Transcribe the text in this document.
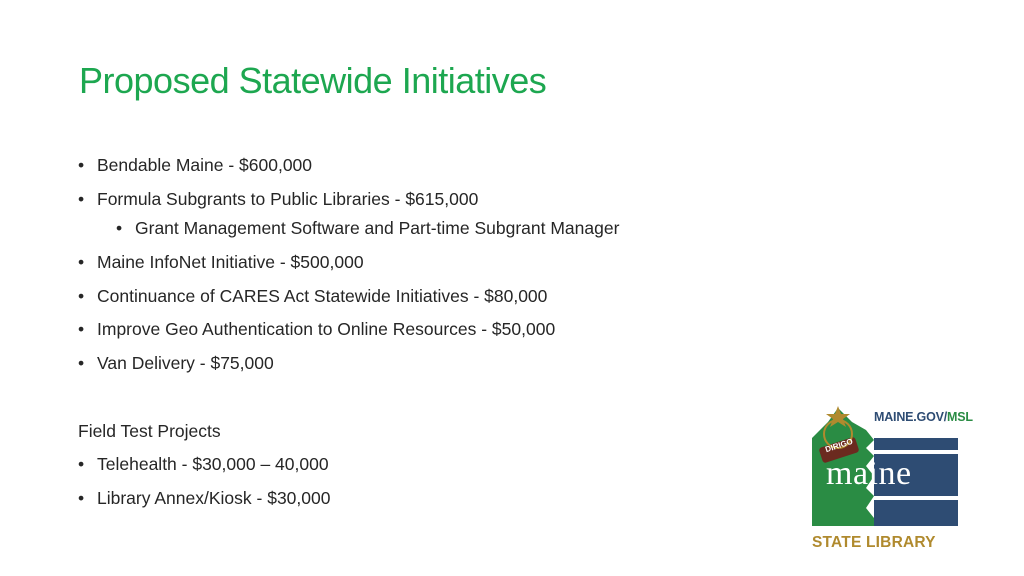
Proposed Statewide Initiatives
• Bendable Maine - $600,000
• Formula Subgrants to Public Libraries - $615,000
• Grant Management Software and Part-time Subgrant Manager
• Maine InfoNet Initiative - $500,000
• Continuance of CARES Act Statewide Initiatives - $80,000
• Improve Geo Authentication to Online Resources - $50,000
• Van Delivery - $75,000
Field Test Projects
• Telehealth - $30,000 – 40,000
• Library Annex/Kiosk - $30,000
DIRIGO
MAINE.GOV/MSL
maine
STATE LIBRARY
